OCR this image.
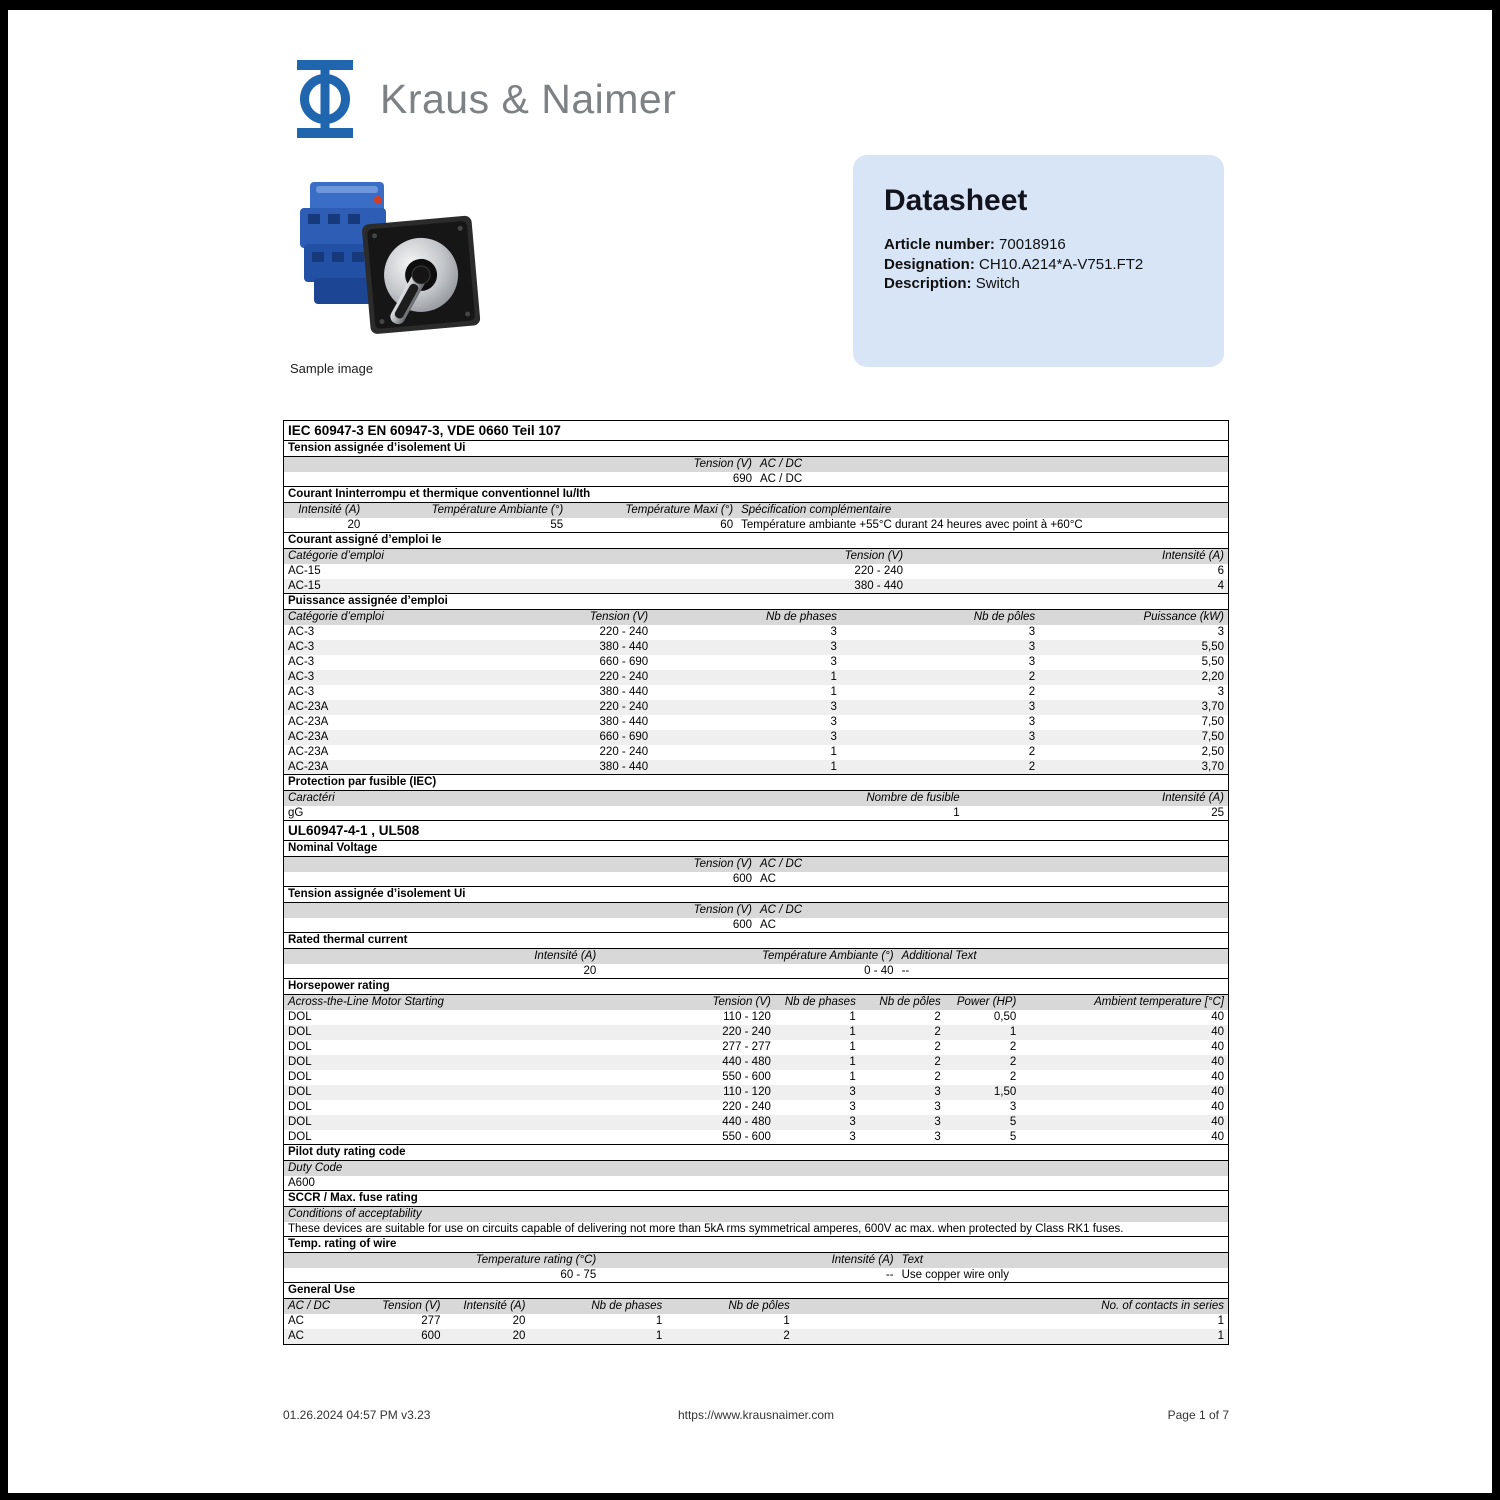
Kraus & Naimer
Sample image
Datasheet
Article number: 70018916
Designation: CH10.A214*A-V751.FT2
Description: Switch
IEC 60947-3 EN 60947-3, VDE 0660 Teil 107
Tension assignée d’isolement Ui
Tension (V)	AC / DC
690	AC / DC
Courant Ininterrompu et thermique conventionnel Iu/Ith
Intensité (A)	Température Ambiante (°)	Température Maxi (°)	Spécification complémentaire
20	55	60	Température ambiante +55°C durant 24 heures avec point à +60°C
Courant assigné d’emploi Ie
Catégorie d’emploi	Tension (V)	Intensité (A)
AC-15	220 - 240	6
AC-15	380 - 440	4
Puissance assignée d’emploi
Catégorie d’emploi	Tension (V)	Nb de phases	Nb de pôles	Puissance (kW)
AC-3	220 - 240	3	3	3
AC-3	380 - 440	3	3	5,50
AC-3	660 - 690	3	3	5,50
AC-3	220 - 240	1	2	2,20
AC-3	380 - 440	1	2	3
AC-23A	220 - 240	3	3	3,70
AC-23A	380 - 440	3	3	7,50
AC-23A	660 - 690	3	3	7,50
AC-23A	220 - 240	1	2	2,50
AC-23A	380 - 440	1	2	3,70
Protection par fusible (IEC)
Caractéri	Nombre de fusible	Intensité (A)
gG	1	25
UL60947-4-1 , UL508
Nominal Voltage
Tension (V)	AC / DC
600	AC
Tension assignée d’isolement Ui
Tension (V)	AC / DC
600	AC
Rated thermal current
Intensité (A)	Température Ambiante (°)	Additional Text
20	0 - 40	--
Horsepower rating
Across-the-Line Motor Starting	Tension (V)	Nb de phases	Nb de pôles	Power (HP)	Ambient temperature [°C]
DOL	110 - 120	1	2	0,50	40
DOL	220 - 240	1	2	1	40
DOL	277 - 277	1	2	2	40
DOL	440 - 480	1	2	2	40
DOL	550 - 600	1	2	2	40
DOL	110 - 120	3	3	1,50	40
DOL	220 - 240	3	3	3	40
DOL	440 - 480	3	3	5	40
DOL	550 - 600	3	3	5	40
Pilot duty rating code
Duty Code
A600
SCCR / Max. fuse rating
Conditions of acceptability
These devices are suitable for use on circuits capable of delivering not more than 5kA rms symmetrical amperes, 600V ac max. when protected by Class RK1 fuses.
Temp. rating of wire
Temperature rating (°C)	Intensité (A)	Text
60 - 75	--	Use copper wire only
General Use
AC / DC	Tension (V)	Intensité (A)	Nb de phases	Nb de pôles	No. of contacts in series
AC	277	20	1	1	1
AC	600	20	1	2	1
https://www.krausnaimer.com
01.26.2024 04:57 PM v3.23	Page 1 of 7
